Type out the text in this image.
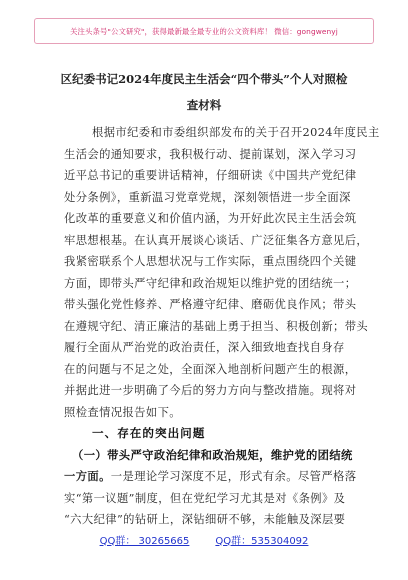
关注头条号"公文研究"，获得最新最全最专业的公文资料库！ 微信：gongwenyj
区纪委书记2024年度民主生活会“四个带头”个人对照检
查材料
根据市纪委和市委组织部发布的关于召开2024年度民主
生活会的通知要求，我积极行动、提前谋划，深入学习习
近平总书记的重要讲话精神，仔细研读《中国共产党纪律
处分条例》，重新温习党章党规，深刻领悟进一步全面深
化改革的重要意义和价值内涵，为开好此次民主生活会筑
牢思想根基。在认真开展谈心谈话、广泛征集各方意见后，
我紧密联系个人思想状况与工作实际，重点围绕四个关键
方面，即带头严守纪律和政治规矩以维护党的团结统一；
带头强化党性修养、严格遵守纪律、磨砺优良作风；带头
在遵规守纪、清正廉洁的基础上勇于担当、积极创新；带头
履行全面从严治党的政治责任，深入细致地查找自身存
在的问题与不足之处，全面深入地剖析问题产生的根源，
并据此进一步明确了今后的努力方向与整改措施。现将对
照检查情况报告如下。
一、存在的突出问题
（一）带头严守政治纪律和政治规矩，维护党的团结统
一方面。一是理论学习深度不足，形式有余。尽管严格落
实“第一议题”制度，但在党纪学习尤其是对《条例》及
“六大纪律”的钻研上，深钻细研不够，未能触及深层要
QQ群： 30265665	QQ群：535304092
